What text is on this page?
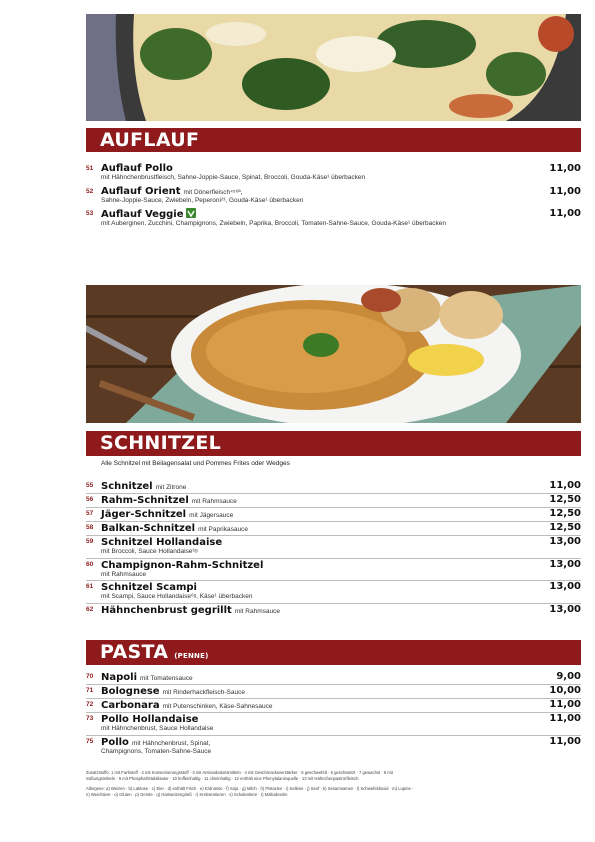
AUFLAUF
51 Auflauf Pollo
mit Hähnchenbrustfleisch, Sahne-Joppie-Sauce, Spinat, Broccoli, Gouda-Käse¹ überbacken
11,00
52 Auflauf Orient mit Dönerfleisch⁴⁵⁶ª,
Sahne-Joppie-Sauce, Zwiebeln, Peperoni²³, Gouda-Käse¹ überbacken
11,00
53 Auflauf Veggie
mit Auberginen, Zucchini, Champignons, Zwiebeln, Paprika, Broccoli, Tomaten-Sahne-Sauce, Gouda-Käse¹ überbacken
11,00
SCHNITZEL
Alle Schnitzel mit Beilagensalat und Pommes Frites oder Wedges
55 Schnitzel mit Zitrone	11,00
56 Rahm-Schnitzel mit Rahmsauce	12,50
57 Jäger-Schnitzel mit Jägersauce	12,50
58 Balkan-Schnitzel mit Paprikasauce	12,50
59 Schnitzel Hollandaise
mit Broccoli, Sauce Hollandaise⁶ᵍ
13,00
60 Champignon-Rahm-Schnitzel
mit Rahmsauce
13,00
61 Schnitzel Scampi
mit Scampi, Sauce Hollandaise⁶ᵍ, Käse¹ überbacken
13,00
62 Hähnchenbrust gegrillt mit Rahmsauce	13,00
PASTA (PENNE)
70 Napoli mit Tomatensauce	9,00
71 Bolognese mit Rinderhackfleisch-Sauce	10,00
72 Carbonara mit Putenschinken, Käse-Sahnesauce	11,00
73 Pollo Hollandaise
mit Hähnchenbrust, Sauce Hollandaise
11,00
75 Pollo mit Hähnchenbrust, Spinat,
Champignons, Tomaten-Sahne-Sauce
11,00

Zusatzstoffe: 1 mit Farbstoff · 2 mit Konservierungsstoff · 3 mit Antioxidationsmitteln · 4 mit Geschmacksverstärker · 5 geschwefelt · 6 geschwärzt · 7 gewachst · 8 mit Süßungsmitteln · 9 mit Phosphat/Stabilisator · 10 koffeinhaltig · 11 chininhaltig · 12 enthält eine Phenylalaninquelle · 13 mit Hähnchenpastrorfleisch

Allergene: a) Weizen · b) Laktose · c) Eier · d) enthält Fisch · e) Erdnüsse · f) Soja · g) Milch · h) Pistazien · i) Sellerie · j) Senf · k) Sesamsamen · l) Schwefeldioxid · m) Lupine · n) Weichtiere · o) Gluten · p) Gerste · q) Hartweizengrieß · r) Krebsentieren · s) Schalentiere · t) Maltodextrin
